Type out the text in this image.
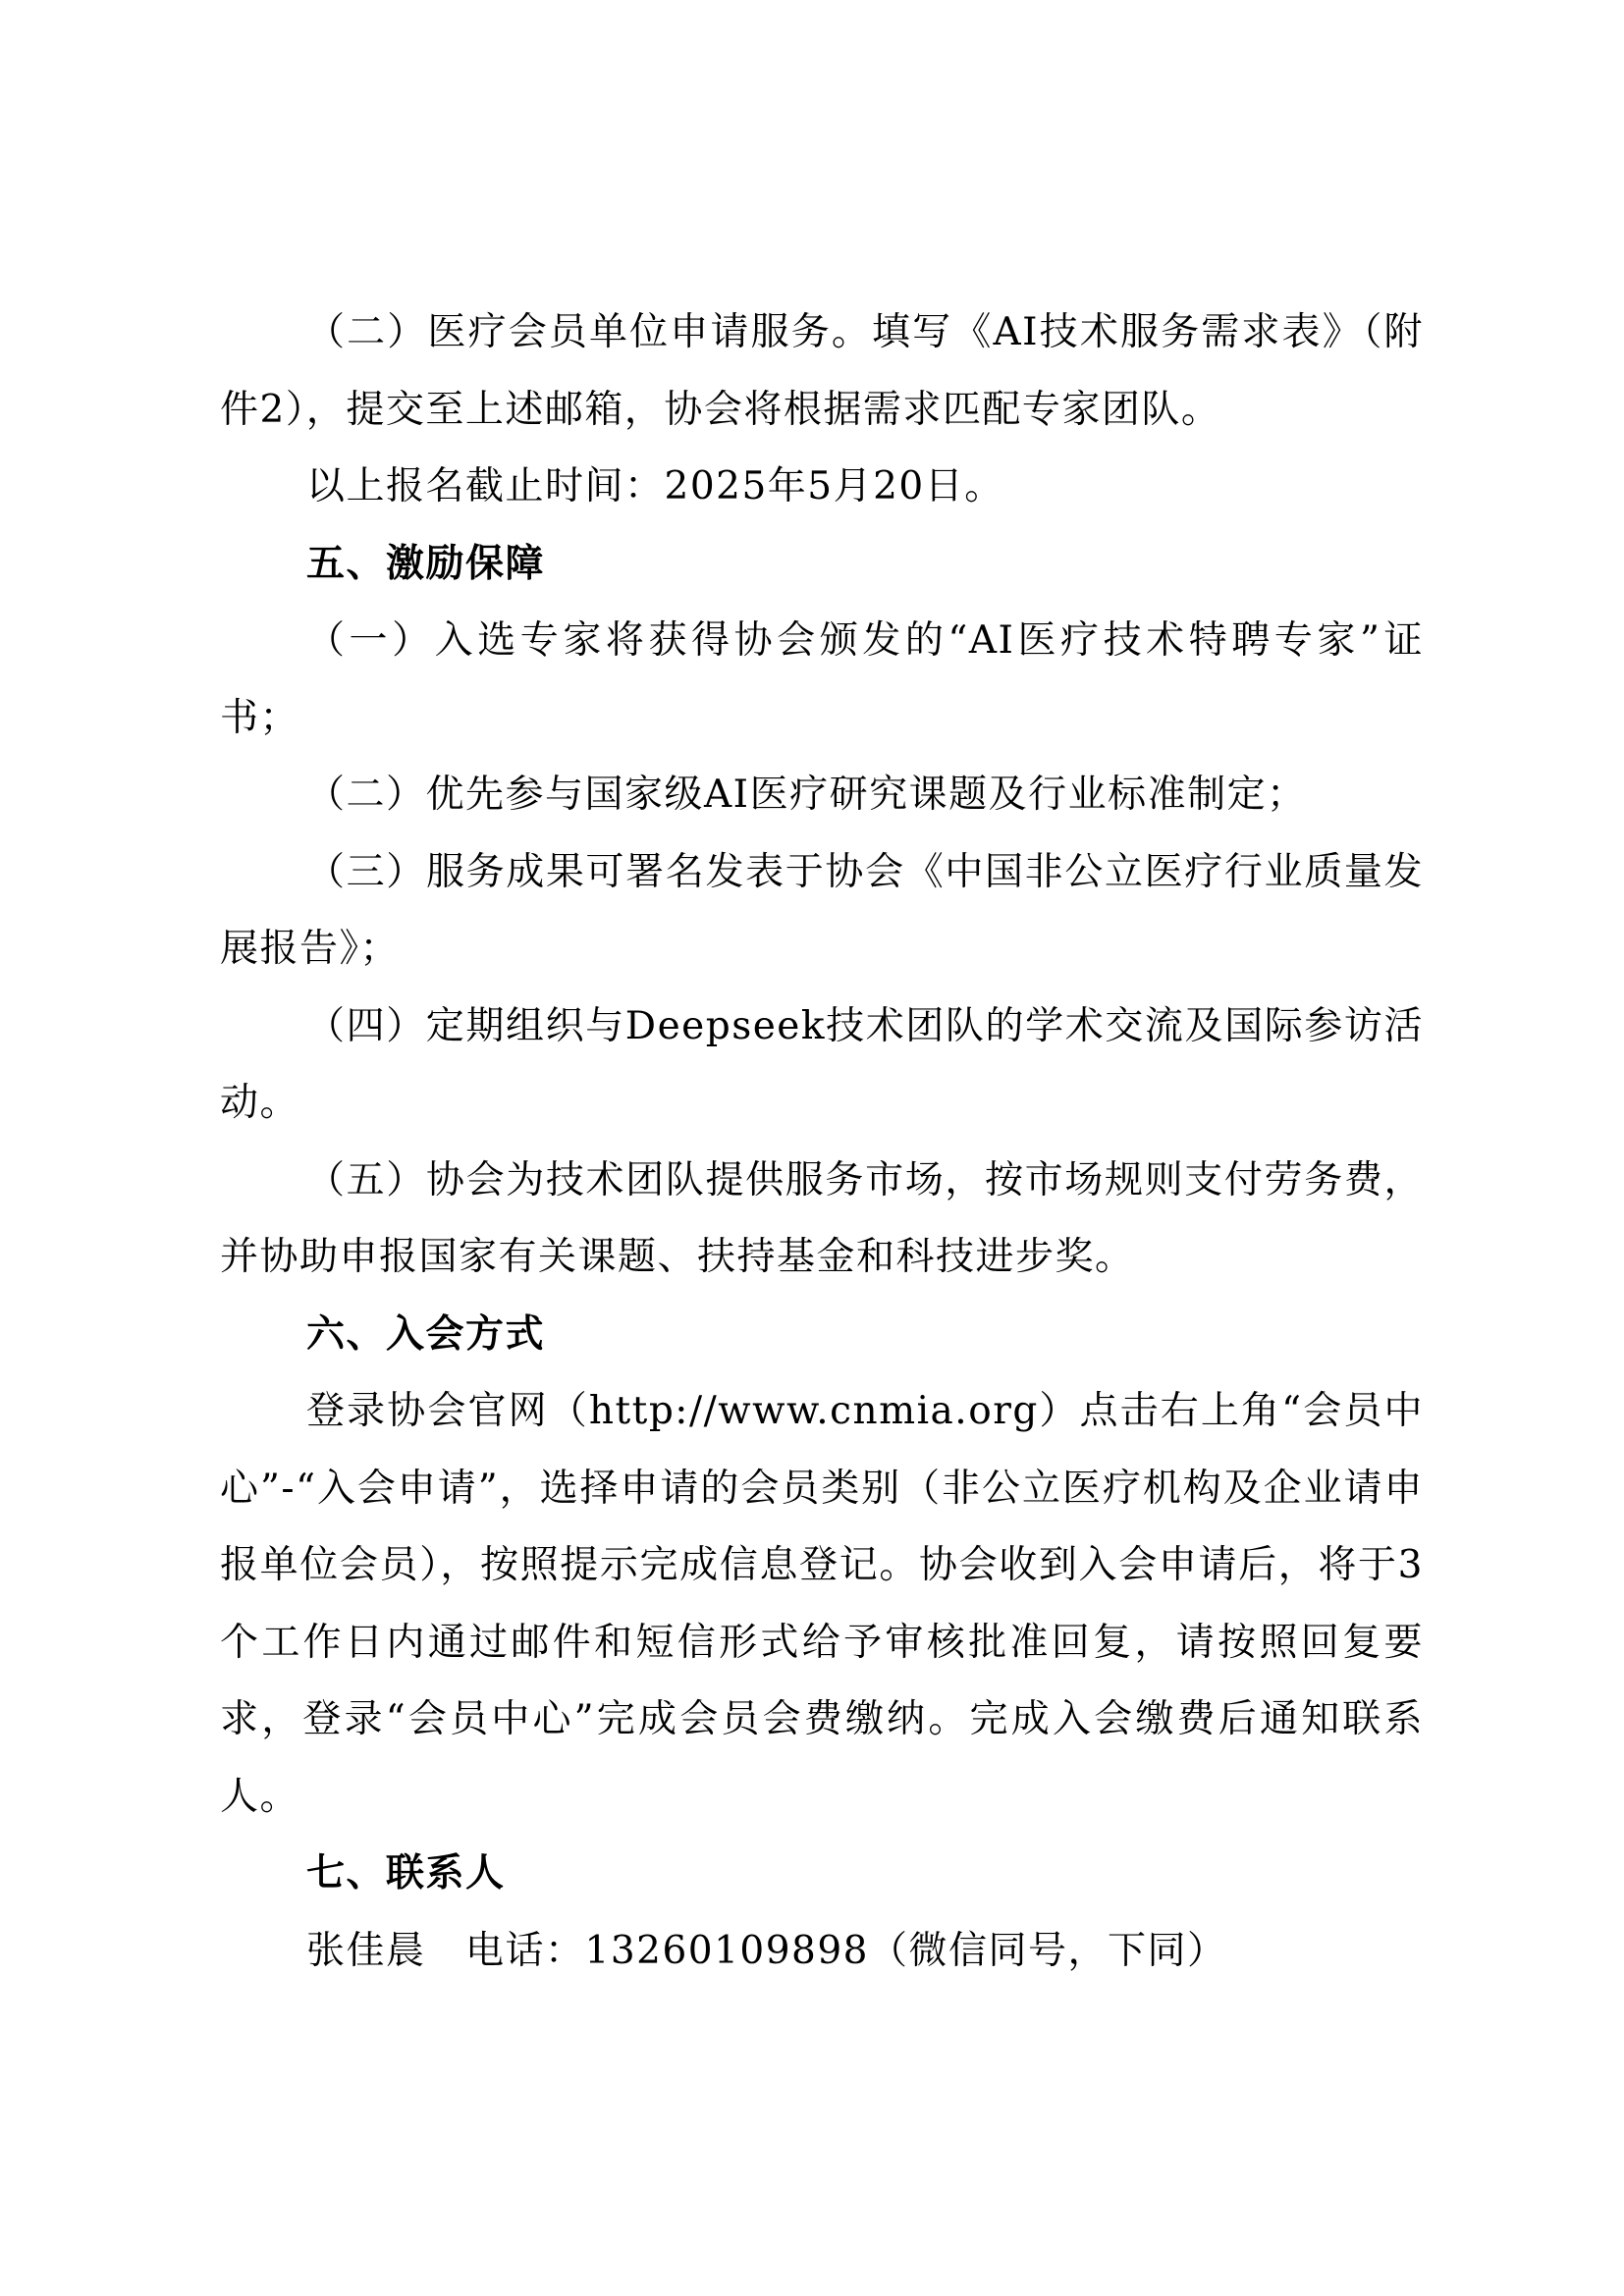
（二）医疗会员单位申请服务。填写《AI技术服务需求表》（附件2），提交至上述邮箱，协会将根据需求匹配专家团队。

以上报名截止时间：2025年5月20日。

五、激励保障

（一）入选专家将获得协会颁发的“AI医疗技术特聘专家”证书；

（二）优先参与国家级AI医疗研究课题及行业标准制定；

（三）服务成果可署名发表于协会《中国非公立医疗行业质量发展报告》；

（四）定期组织与Deepseek技术团队的学术交流及国际参访活动。

（五）协会为技术团队提供服务市场，按市场规则支付劳务费，并协助申报国家有关课题、扶持基金和科技进步奖。

六、入会方式

登录协会官网（http://www.cnmia.org）点击右上角“会员中心”-“入会申请”，选择申请的会员类别（非公立医疗机构及企业请申报单位会员），按照提示完成信息登记。协会收到入会申请后，将于3个工作日内通过邮件和短信形式给予审核批准回复，请按照回复要求，登录“会员中心”完成会员会费缴纳。完成入会缴费后通知联系人。

七、联系人

张佳晨　电话：13260109898（微信同号，下同）
